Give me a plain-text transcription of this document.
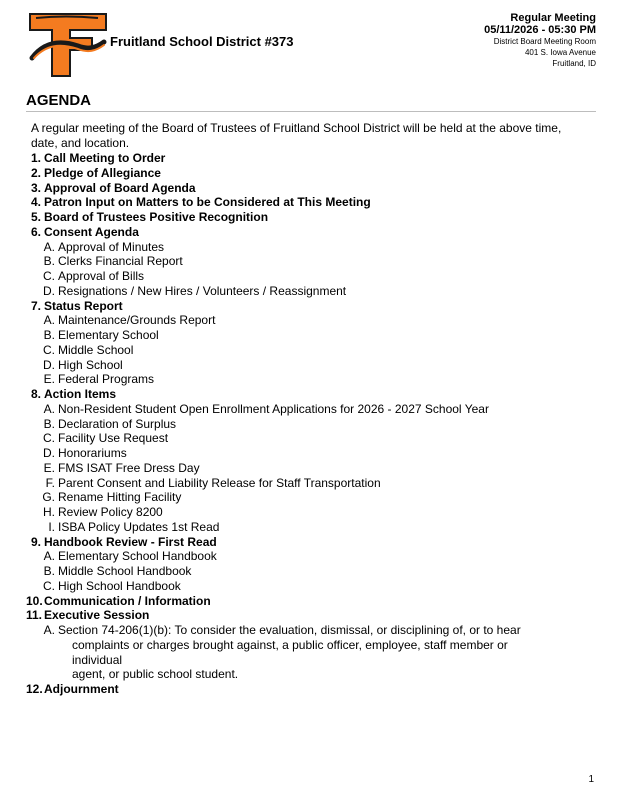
Fruitland School District #373
Regular Meeting
05/11/2026 - 05:30 PM
District Board Meeting Room
401 S. Iowa Avenue
Fruitland, ID
AGENDA
A regular meeting of the Board of Trustees of Fruitland School District will be held at the above time, date, and location.
1. Call Meeting to Order
2. Pledge of Allegiance
3. Approval of Board Agenda
4. Patron Input on Matters to be Considered at This Meeting
5. Board of Trustees Positive Recognition
6. Consent Agenda
A. Approval of Minutes
B. Clerks Financial Report
C. Approval of Bills
D. Resignations / New Hires / Volunteers / Reassignment
7. Status Report
A. Maintenance/Grounds Report
B. Elementary School
C. Middle School
D. High School
E. Federal Programs
8. Action Items
A. Non-Resident Student Open Enrollment Applications for 2026 - 2027 School Year
B. Declaration of Surplus
C. Facility Use Request
D. Honorariums
E. FMS ISAT Free Dress Day
F. Parent Consent and Liability Release for Staff Transportation
G. Rename Hitting Facility
H. Review Policy 8200
I. ISBA Policy Updates 1st Read
9. Handbook Review - First Read
A. Elementary School Handbook
B. Middle School Handbook
C. High School Handbook
10. Communication / Information
11. Executive Session
A. Section 74-206(1)(b): To consider the evaluation, dismissal, or disciplining of, or to hear
complaints or charges brought against, a public officer, employee, staff member or individual
agent, or public school student.
12. Adjournment
1
